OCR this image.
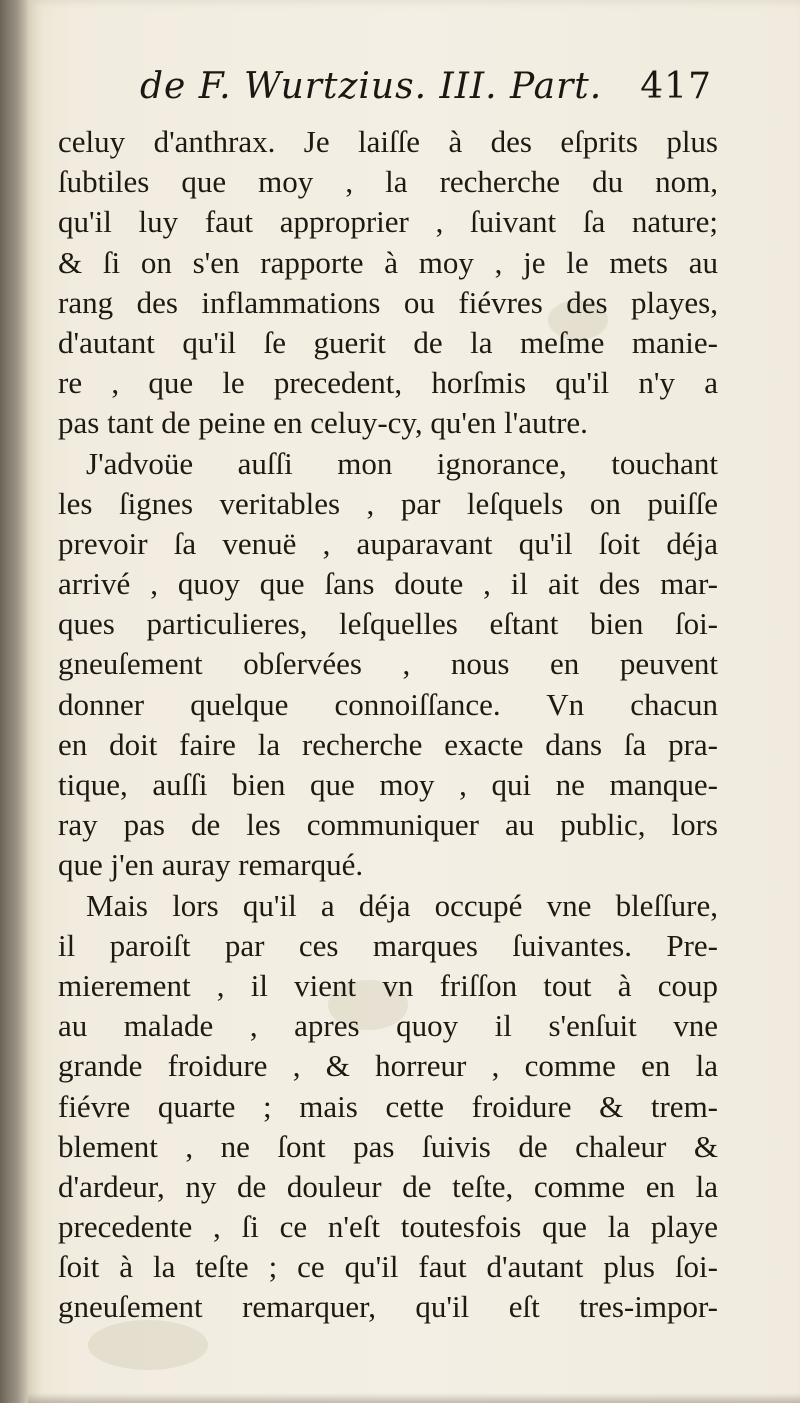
de F. Wurtzius. III. Part. 417
celuy d'anthrax. Je laiſſe à des eſprits plus
ſubtiles que moy , la recherche du nom,
qu'il luy faut approprier , ſuivant ſa nature;
& ſi on s'en rapporte à moy , je le mets au
rang des inflammations ou fiévres des playes,
d'autant qu'il ſe guerit de la meſme manie-
re , que le precedent, horſmis qu'il n'y a
pas tant de peine en celuy-cy, qu'en l'autre.
J'advoüe auſſi mon ignorance, touchant
les ſignes veritables , par leſquels on puiſſe
prevoir ſa venuë , auparavant qu'il ſoit déja
arrivé , quoy que ſans doute , il ait des mar-
ques particulieres, leſquelles eſtant bien ſoi-
gneuſement obſervées , nous en peuvent
donner quelque connoiſſance. Vn chacun
en doit faire la recherche exacte dans ſa pra-
tique, auſſi bien que moy , qui ne manque-
ray pas de les communiquer au public, lors
que j'en auray remarqué.
Mais lors qu'il a déja occupé vne bleſſure,
il paroiſt par ces marques ſuivantes. Pre-
mierement , il vient vn friſſon tout à coup
au malade , apres quoy il s'enſuit vne
grande froidure , & horreur , comme en la
fiévre quarte ; mais cette froidure & trem-
blement , ne ſont pas ſuivis de chaleur &
d'ardeur, ny de douleur de teſte, comme en la
precedente , ſi ce n'eſt toutesfois que la playe
ſoit à la teſte ; ce qu'il faut d'autant plus ſoi-
gneuſement remarquer, qu'il eſt tres-impor-
